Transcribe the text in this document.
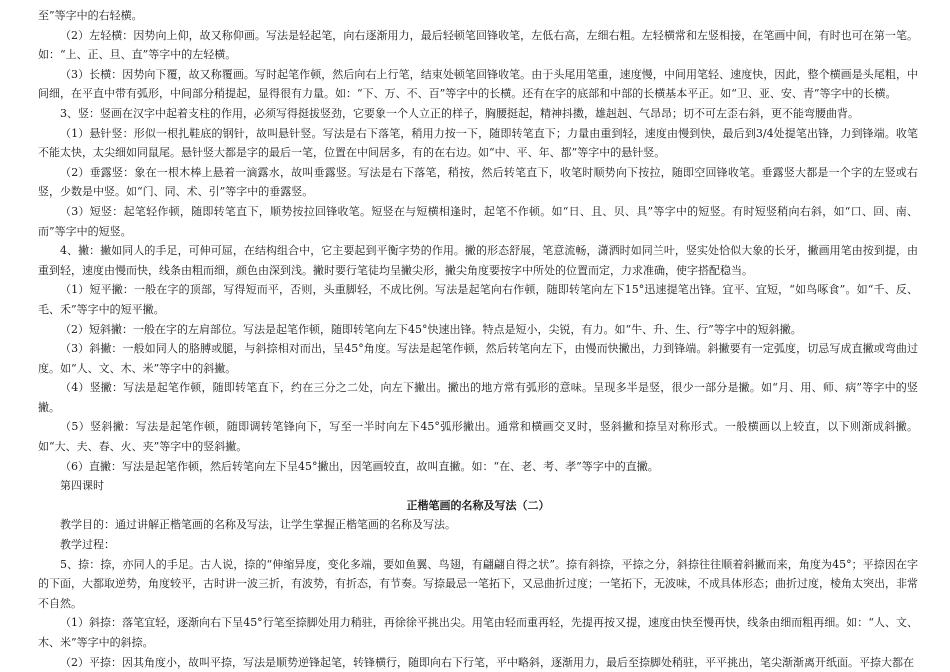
至”等字中的右轻横。

（2）左轻横：因势向上仰，故又称仰画。写法是轻起笔，向右逐渐用力，最后轻顿笔回锋收笔，左低右高，左细右粗。左轻横常和左竖相接，在笔画中间，有时也可在第一笔。如：“上、正、旦、直”等字中的左轻横。

（3）长横：因势向下覆，故又称覆画。写时起笔作顿，然后向右上行笔，结束处顿笔回锋收笔。由于头尾用笔重，速度慢，中间用笔轻、速度快，因此，整个横画是头尾粗，中间细，在平直中带有弧形，中间部分稍提起，显得很有力量。如：“下、万、不、百”等字中的长横。还有在字的底部和中部的长横基本平正。如“卫、亚、安、青”等字中的长横。

3、竖：竖画在汉字中起着支柱的作用，必须写得挺拔竖劲，它要象一个人立正的样子，胸腰挺起，精神抖擞，雄赳赳、气昂昂；切不可左歪右斜，更不能弯腰曲背。

（1）悬针竖：形似一根扎鞋底的钢针，故叫悬针竖。写法是右下落笔，稍用力按一下，随即转笔直下；力量由重到轻，速度由慢到快，最后到3/4处提笔出锋，力到锋端。收笔不能太快，太尖细如同鼠尾。悬针竖大都是字的最后一笔，位置在中间居多，有的在右边。如“中、平、年、都”等字中的悬针竖。

（2）垂露竖：象在一根木棒上悬着一滴露水，故叫垂露竖。写法是右下落笔，稍按，然后转笔直下，收笔时顺势向下按拉，随即空回锋收笔。垂露竖大都是一个字的左竖或右竖，少数是中竖。如“门、同、术、引”等字中的垂露竖。

（3）短竖：起笔轻作顿，随即转笔直下，顺势按拉回锋收笔。短竖在与短横相逢时，起笔不作顿。如“日、且、贝、具”等字中的短竖。有时短竖稍向右斜，如“口、回、南、而”等字中的短竖。

4、撇：撇如同人的手足，可伸可屈，在结构组合中，它主要起到平衡字势的作用。撇的形态舒展，笔意流畅，潇洒时如同兰叶，竖实处恰似大象的长牙，撇画用笔由按到提，由重到轻，速度由慢而快，线条由粗而细，颜色由深到浅。撇时要行笔徒均呈撇尖形，撇尖角度要按字中所处的位置而定，力求准确，使字搭配稳当。

（1）短平撇：一般在字的顶部，写得短而平，否则，头重脚轻，不成比例。写法是起笔向右作顿，随即转笔向左下15°迅速提笔出锋。宜平、宜短，“如鸟啄食”。如“千、反、毛、禾”等字中的短平撇。

（2）短斜撇：一般在字的左肩部位。写法是起笔作顿，随即转笔向左下45°快速出锋。特点是短小，尖锐，有力。如“牛、升、生、行”等字中的短斜撇。

（3）斜撇：一般如同人的胳膊或腿，与斜捺相对而出，呈45°角度。写法是起笔作顿，然后转笔向左下，由慢而快撇出，力到锋端。斜撇要有一定弧度，切忌写成直撇或弯曲过度。如“人、文、木、米”等字中的斜撇。

（4）竖撇：写法是起笔作顿，随即转笔直下，约在三分之二处，向左下撇出。撇出的地方常有弧形的意味。呈现多半是竖，很少一部分是撇。如“月、用、师、病”等字中的竖撇。

（5）竖斜撇：写法是起笔作顿，随即调转笔锋向下，写至一半时向左下45°弧形撇出。通常和横画交叉时，竖斜撇和捺呈对称形式。一般横画以上较直，以下则渐成斜撇。如“大、夫、春、火、夹”等字中的竖斜撇。

（6）直撇：写法是起笔作顿，然后转笔向左下呈45°撇出，因笔画较直，故叫直撇。如：“在、老、考、孝”等字中的直撇。

第四课时

正楷笔画的名称及写法（二）

教学目的：通过讲解正楷笔画的名称及写法，让学生掌握正楷笔画的名称及写法。

教学过程：

5、捺：捺，亦同人的手足。古人说，捺的“伸缩异度，变化多端，要如鱼翼、鸟翅，有翩翩自得之状”。捺有斜捺，平捺之分，斜捺往往顺着斜撇而来，角度为45°；平捺因在字的下面，大都取逆势，角度较平，古时讲一波三折，有波势，有折态，有节奏。写捺最忌一笔拓下，又忌曲折过度；一笔拓下，无波味，不成具体形态；曲折过度，棱角太突出，非常不自然。

（1）斜捺：落笔宜轻，逐渐向右下呈45°行笔至捺脚处用力稍驻，再徐徐平挑出尖。用笔由轻而重再轻，先提再按又提，速度由快至慢再快，线条由细而粗再细。如：“人、文、木、米”等字中的斜捺。

（2）平捺：因其角度小，故叫平捺，写法是顺势逆锋起笔，转锋横行，随即向右下行笔，平中略斜，逐渐用力，最后至捺脚处稍驻，平平挑出，笔尖渐渐离开纸面。平捺大都在
